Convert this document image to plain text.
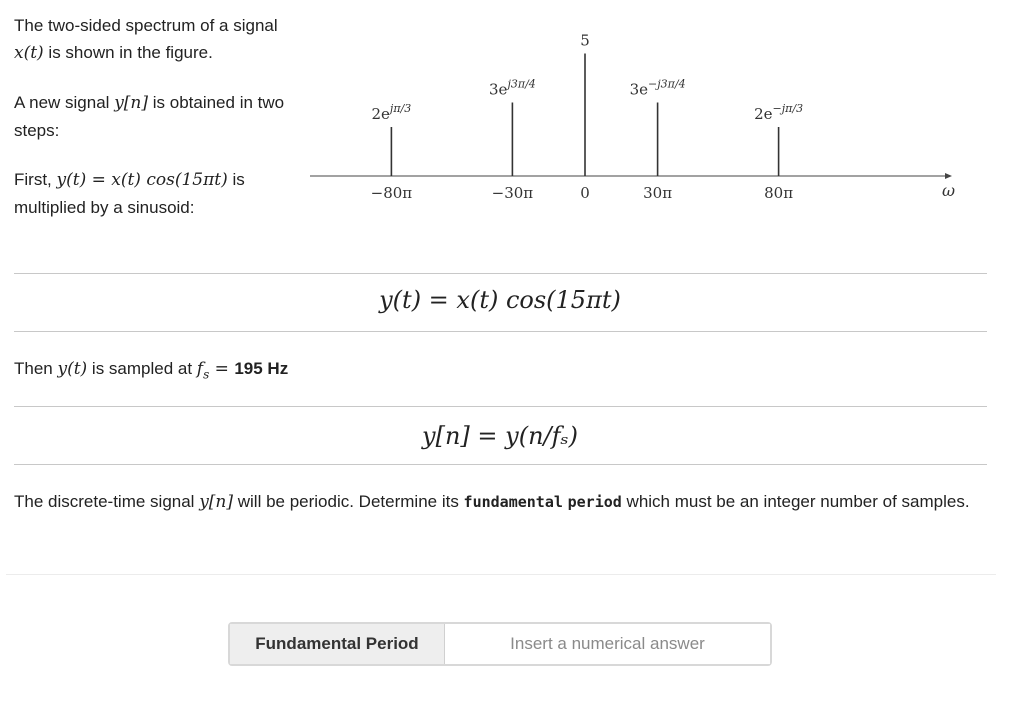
The two-sided spectrum of a signal x(t) is shown in the figure.

A new signal y[n] is obtained in two steps:

First, y(t) = x(t) cos(15πt) is multiplied by a sinusoid:

ω
$2e^{j\pi/3}$
−80π
$3e^{j3\pi/4}$
−30π
5
0
$3e^{-j3\pi/4}$
30π
$2e^{-j\pi/3}$
80π
y(t) = x(t) cos(15πt)
Then y(t) is sampled at $f_s = 195$ Hz
y[n] = y(n/fₛ)
The discrete-time signal y[n] will be periodic. Determine its fundamental period which must be an integer number of samples.
Fundamental Period
Insert a numerical answer
